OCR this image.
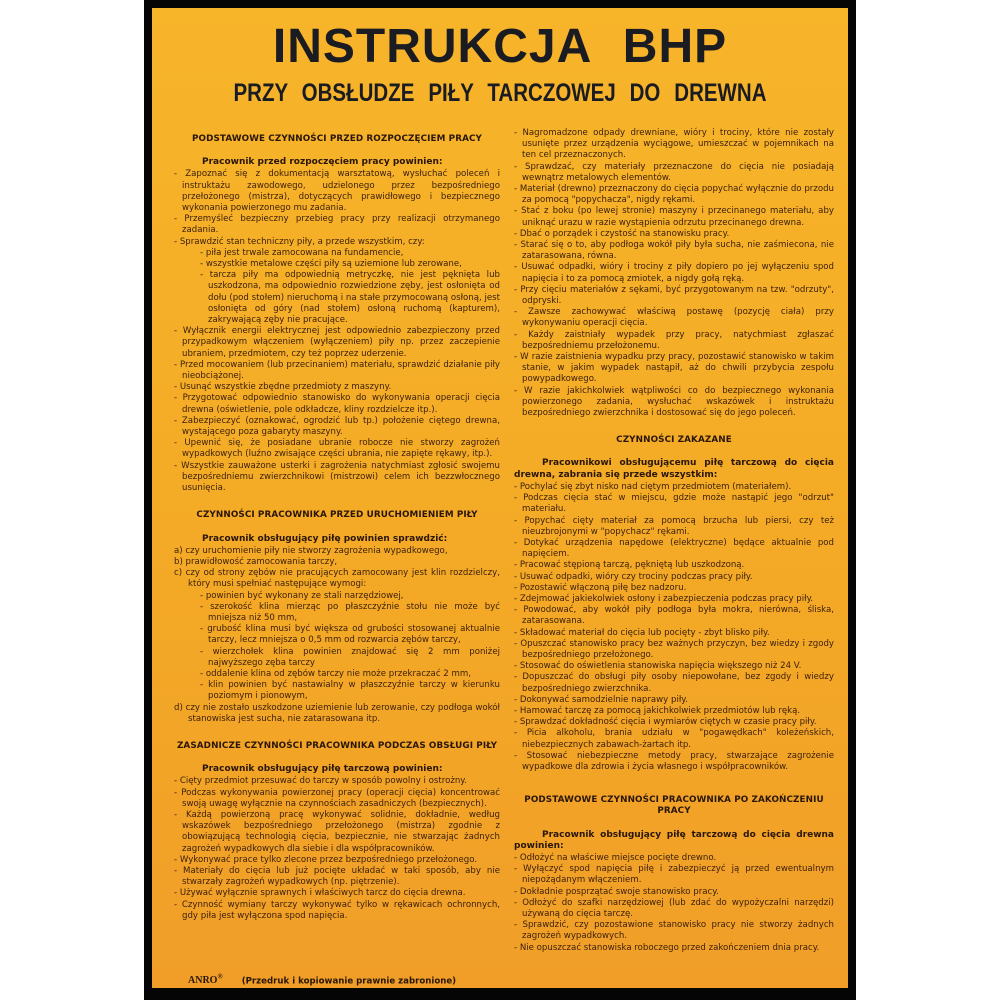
INSTRUKCJA BHP
PRZY OBSŁUDZE PIŁY TARCZOWEJ DO DREWNA
PODSTAWOWE CZYNNOŚCI PRZED ROZPOCZĘCIEM PRACY
Pracownik przed rozpoczęciem pracy powinien:
- Zapoznać się z dokumentacją warsztatową, wysłuchać poleceń i instruktażu zawodowego, udzielonego przez bezpośredniego przełożonego (mistrza), dotyczących prawidłowego i bezpiecznego wykonania powierzonego mu zadania.
- Przemyśleć bezpieczny przebieg pracy przy realizacji otrzymanego zadania.
- Sprawdzić stan techniczny piły, a przede wszystkim, czy:
- piła jest trwale zamocowana na fundamencie,
- wszystkie metalowe części piły są uziemione lub zerowane,
- tarcza piły ma odpowiednią metryczkę, nie jest pęknięta lub uszkodzona, ma odpowiednio rozwiedzione zęby, jest osłonięta od dołu (pod stołem) nieruchomą i na stałe przymocowaną osłoną, jest osłonięta od góry (nad stołem) osłoną ruchomą (kapturem), zakrywającą zęby nie pracujące.
- Wyłącznik energii elektrycznej jest odpowiednio zabezpieczony przed przypadkowym włączeniem (wyłączeniem) piły np. przez zaczepienie ubraniem, przedmiotem, czy też poprzez uderzenie.
- Przed mocowaniem (lub przecinaniem) materiału, sprawdzić działanie piły nieobciążonej.
- Usunąć wszystkie zbędne przedmioty z maszyny.
- Przygotować odpowiednio stanowisko do wykonywania operacji cięcia drewna (oświetlenie, pole odkładcze, kliny rozdzielcze itp.).
- Zabezpieczyć (oznakować, ogrodzić lub tp.) położenie ciętego drewna, wystającego poza gabaryty maszyny.
- Upewnić się, że posiadane ubranie robocze nie stworzy zagrożeń wypadkowych (luźno zwisające części ubrania, nie zapięte rękawy, itp.).
- Wszystkie zauważone usterki i zagrożenia natychmiast zgłosić swojemu bezpośredniemu zwierzchnikowi (mistrzowi) celem ich bezzwłocznego usunięcia.
CZYNNOŚCI PRACOWNIKA PRZED URUCHOMIENIEM PIŁY
Pracownik obsługujący piłę powinien sprawdzić:
a) czy uruchomienie piły nie stworzy zagrożenia wypadkowego,
b) prawidłowość zamocowania tarczy,
c) czy od strony zębów nie pracujących zamocowany jest klin rozdzielczy, który musi spełniać następujące wymogi:
- powinien być wykonany ze stali narzędziowej,
- szerokość klina mierząc po płaszczyźnie stołu nie może być mniejsza niż 50 mm,
- grubość klina musi być większa od grubości stosowanej aktualnie tarczy, lecz mniejsza o 0,5 mm od rozwarcia zębów tarczy,
- wierzchołek klina powinien znajdować się 2 mm poniżej najwyższego zęba tarczy
- oddalenie klina od zębów tarczy nie może przekraczać 2 mm,
- klin powinien być nastawialny w płaszczyźnie tarczy w kierunku poziomym i pionowym,
d) czy nie zostało uszkodzone uziemienie lub zerowanie, czy podłoga wokół stanowiska jest sucha, nie zatarasowana itp.
ZASADNICZE CZYNNOŚCI PRACOWNIKA PODCZAS OBSŁUGI PIŁY
Pracownik obsługujący piłę tarczową powinien:
- Cięty przedmiot przesuwać do tarczy w sposób powolny i ostrożny.
- Podczas wykonywania powierzonej pracy (operacji cięcia) koncentrować swoją uwagę wyłącznie na czynnościach zasadniczych (bezpiecznych).
- Każdą powierzoną pracę wykonywać solidnie, dokładnie, według wskazówek bezpośredniego przełożonego (mistrza) zgodnie z obowiązującą technologią cięcia, bezpiecznie, nie stwarzając żadnych zagrożeń wypadkowych dla siebie i dla współpracowników.
- Wykonywać prace tylko zlecone przez bezpośredniego przełożonego.
- Materiały do cięcia lub już pocięte układać w taki sposób, aby nie stwarzały zagrożeń wypadkowych (np. piętrzenie).
- Używać wyłącznie sprawnych i właściwych tarcz do cięcia drewna.
- Czynność wymiany tarczy wykonywać tylko w rękawicach ochronnych, gdy piła jest wyłączona spod napięcia.
- Nagromadzone odpady drewniane, wióry i trociny, które nie zostały usunięte przez urządzenia wyciągowe, umieszczać w pojemnikach na ten cel przeznaczonych.
- Sprawdzać, czy materiały przeznaczone do cięcia nie posiadają wewnątrz metalowych elementów.
- Materiał (drewno) przeznaczony do cięcia popychać wyłącznie do przodu za pomocą "popychacza", nigdy rękami.
- Stać z boku (po lewej stronie) maszyny i przecinanego materiału, aby uniknąć urazu w razie wystąpienia odrzutu przecinanego drewna.
- Dbać o porządek i czystość na stanowisku pracy.
- Starać się o to, aby podłoga wokół piły była sucha, nie zaśmiecona, nie zatarasowana, równa.
- Usuwać odpadki, wióry i trociny z piły dopiero po jej wyłączeniu spod napięcia i to za pomocą zmiotek, a nigdy gołą ręką.
- Przy cięciu materiałów z sękami, być przygotowanym na tzw. "odrzuty", odpryski.
- Zawsze zachowywać właściwą postawę (pozycję ciała) przy wykonywaniu operacji cięcia.
- Każdy zaistniały wypadek przy pracy, natychmiast zgłaszać bezpośredniemu przełożonemu.
- W razie zaistnienia wypadku przy pracy, pozostawić stanowisko w takim stanie, w jakim wypadek nastąpił, aż do chwili przybycia zespołu powypadkowego.
- W razie jakichkolwiek wątpliwości co do bezpiecznego wykonania powierzonego zadania, wysłuchać wskazówek i instruktażu bezpośredniego zwierzchnika i dostosować się do jego poleceń.
CZYNNOŚCI ZAKAZANE
Pracownikowi obsługującemu piłę tarczową do cięcia drewna, zabrania się przede wszystkim:
- Pochylać się zbyt nisko nad ciętym przedmiotem (materiałem).
- Podczas cięcia stać w miejscu, gdzie może nastąpić jego "odrzut" materiału.
- Popychać cięty materiał za pomocą brzucha lub piersi, czy też nieuzbrojonymi w "popychacz" rękami.
- Dotykać urządzenia napędowe (elektryczne) będące aktualnie pod napięciem.
- Pracować stępioną tarczą, pękniętą lub uszkodzoną.
- Usuwać odpadki, wióry czy trociny podczas pracy piły.
- Pozostawić włączoną piłę bez nadzoru.
- Zdejmować jakiekolwiek osłony i zabezpieczenia podczas pracy piły.
- Powodować, aby wokół piły podłoga była mokra, nierówna, śliska, zatarasowana.
- Składować materiał do cięcia lub pocięty - zbyt blisko piły.
- Opuszczać stanowisko pracy bez ważnych przyczyn, bez wiedzy i zgody bezpośredniego przełożonego.
- Stosować do oświetlenia stanowiska napięcia większego niż 24 V.
- Dopuszczać do obsługi piły osoby niepowołane, bez zgody i wiedzy bezpośredniego zwierzchnika.
- Dokonywać samodzielnie naprawy piły.
- Hamować tarczę za pomocą jakichkolwiek przedmiotów lub ręką.
- Sprawdzać dokładność cięcia i wymiarów ciętych w czasie pracy piły.
- Picia alkoholu, brania udziału w "pogawędkach" koleżeńskich, niebezpiecznych zabawach-żartach itp.
- Stosować niebezpieczne metody pracy, stwarzające zagrożenie wypadkowe dla zdrowia i życia własnego i współpracowników.
PODSTAWOWE CZYNNOŚCI PRACOWNIKA PO ZAKOŃCZENIU PRACY
Pracownik obsługujący piłę tarczową do cięcia drewna powinien:
- Odłożyć na właściwe miejsce pocięte drewno.
- Wyłączyć spod napięcia piłę i zabezpieczyć ją przed ewentualnym niepożądanym włączeniem.
- Dokładnie posprzątać swoje stanowisko pracy.
- Odłożyć do szafki narzędziowej (lub zdać do wypożyczalni narzędzi) używaną do cięcia tarczę.
- Sprawdzić, czy pozostawione stanowisko pracy nie stworzy żadnych zagrożeń wypadkowych.
- Nie opuszczać stanowiska roboczego przed zakończeniem dnia pracy.
ANRO® (Przedruk i kopiowanie prawnie zabronione)
